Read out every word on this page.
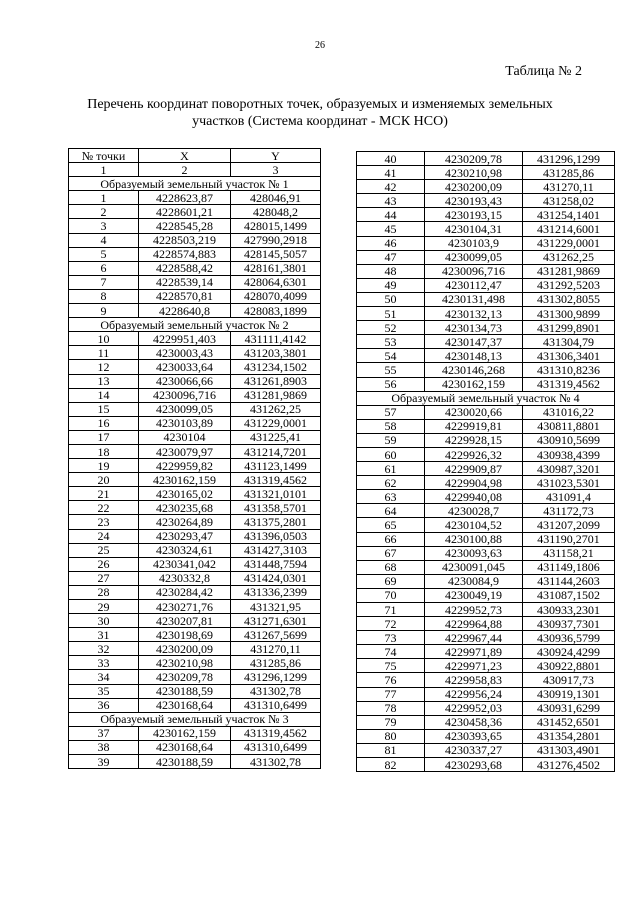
26
Таблица № 2
Перечень координат поворотных точек, образуемых и изменяемых земельных
участков (Система координат - МСК НСО)
№ точки	X	Y
1	2	3
Образуемый земельный участок № 1		
1	4228623,87	428046,91
2	4228601,21	428048,2
3	4228545,28	428015,1499
4	4228503,219	427990,2918
5	4228574,883	428145,5057
6	4228588,42	428161,3801
7	4228539,14	428064,6301
8	4228570,81	428070,4099
9	4228640,8	428083,1899
Образуемый земельный участок № 2		
10	4229951,403	431111,4142
11	4230003,43	431203,3801
12	4230033,64	431234,1502
13	4230066,66	431261,8903
14	4230096,716	431281,9869
15	4230099,05	431262,25
16	4230103,89	431229,0001
17	4230104	431225,41
18	4230079,97	431214,7201
19	4229959,82	431123,1499
20	4230162,159	431319,4562
21	4230165,02	431321,0101
22	4230235,68	431358,5701
23	4230264,89	431375,2801
24	4230293,47	431396,0503
25	4230324,61	431427,3103
26	4230341,042	431448,7594
27	4230332,8	431424,0301
28	4230284,42	431336,2399
29	4230271,76	431321,95
30	4230207,81	431271,6301
31	4230198,69	431267,5699
32	4230200,09	431270,11
33	4230210,98	431285,86
34	4230209,78	431296,1299
35	4230188,59	431302,78
36	4230168,64	431310,6499
Образуемый земельный участок № 3		
37	4230162,159	431319,4562
38	4230168,64	431310,6499
39	4230188,59	431302,78
40	4230209,78	431296,1299
41	4230210,98	431285,86
42	4230200,09	431270,11
43	4230193,43	431258,02
44	4230193,15	431254,1401
45	4230104,31	431214,6001
46	4230103,9	431229,0001
47	4230099,05	431262,25
48	4230096,716	431281,9869
49	4230112,47	431292,5203
50	4230131,498	431302,8055
51	4230132,13	431300,9899
52	4230134,73	431299,8901
53	4230147,37	431304,79
54	4230148,13	431306,3401
55	4230146,268	431310,8236
56	4230162,159	431319,4562
Образуемый земельный участок № 4		
57	4230020,66	431016,22
58	4229919,81	430811,8801
59	4229928,15	430910,5699
60	4229926,32	430938,4399
61	4229909,87	430987,3201
62	4229904,98	431023,5301
63	4229940,08	431091,4
64	4230028,7	431172,73
65	4230104,52	431207,2099
66	4230100,88	431190,2701
67	4230093,63	431158,21
68	4230091,045	431149,1806
69	4230084,9	431144,2603
70	4230049,19	431087,1502
71	4229952,73	430933,2301
72	4229964,88	430937,7301
73	4229967,44	430936,5799
74	4229971,89	430924,4299
75	4229971,23	430922,8801
76	4229958,83	430917,73
77	4229956,24	430919,1301
78	4229952,03	430931,6299
79	4230458,36	431452,6501
80	4230393,65	431354,2801
81	4230337,27	431303,4901
82	4230293,68	431276,4502
